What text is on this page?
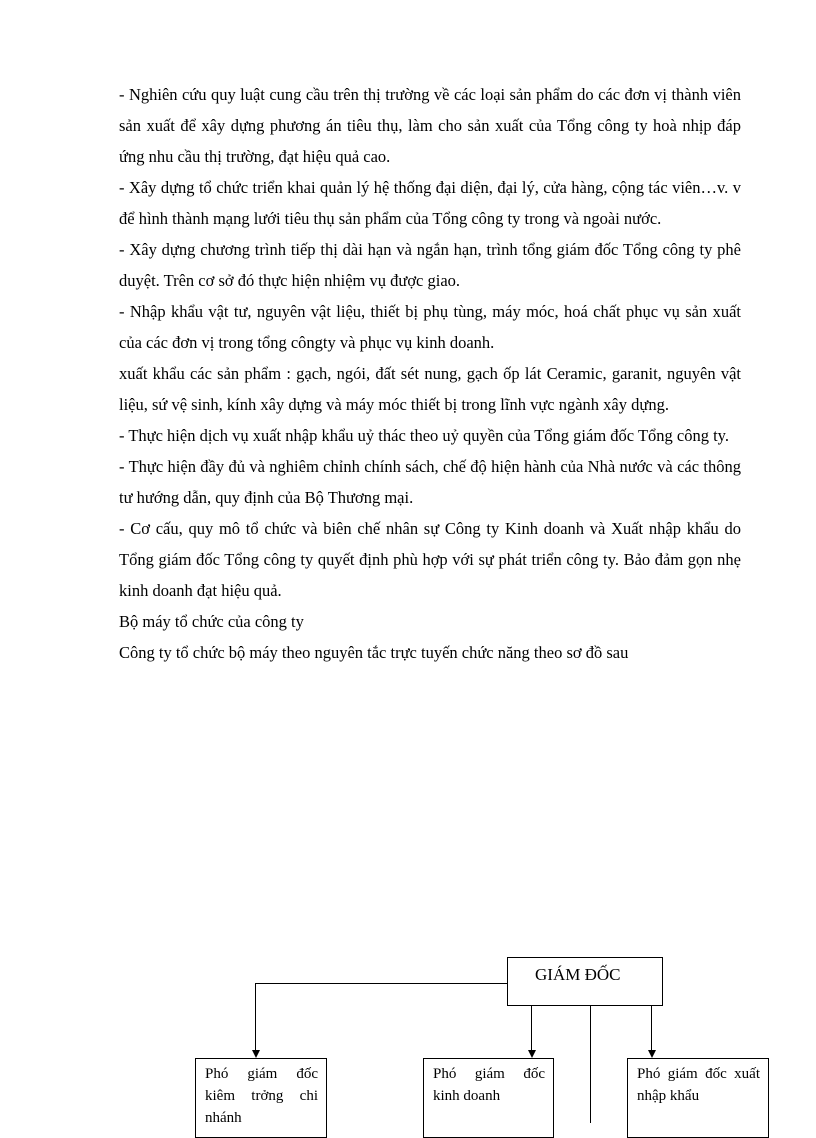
- Nghiên cứu quy luật cung cầu trên thị trường về các loại sản phẩm do các đơn vị thành viên sản xuất để xây dựng phương án tiêu thụ, làm cho sản xuất của Tổng công ty hoà nhịp đáp ứng nhu cầu thị trường, đạt hiệu quả cao.

- Xây dựng tổ chức triển khai quản lý hệ thống đại diện, đại lý, cửa hàng, cộng tác viên…v. v để hình thành mạng lưới tiêu thụ sản phẩm của Tổng công ty trong và ngoài nước.

- Xây dựng chương trình tiếp thị dài hạn và ngắn hạn, trình tổng giám đốc Tổng công ty phê duyệt. Trên cơ sở đó thực hiện nhiệm vụ được giao.

- Nhập khẩu vật tư, nguyên vật liệu, thiết bị phụ tùng, máy móc, hoá chất phục vụ sản xuất của các đơn vị trong tổng côngty và phục vụ kinh doanh.

xuất khẩu các sản phẩm : gạch, ngói, đất sét nung, gạch ốp lát Ceramic, garanit, nguyên vật liệu, sứ vệ sinh, kính xây dựng và máy móc thiết bị trong lĩnh vực ngành xây dựng.

- Thực hiện dịch vụ xuất nhập khẩu uỷ thác theo uỷ quyền của Tổng giám đốc Tổng công ty.

- Thực hiện đầy đủ và nghiêm chỉnh chính sách, chế độ hiện hành của Nhà nước và các thông tư hướng dẫn, quy định của Bộ Thương mại.

- Cơ cấu, quy mô tổ chức và biên chế nhân sự Công ty Kinh doanh và Xuất nhập khẩu do Tổng giám đốc Tổng công ty quyết định phù hợp với sự phát triển công ty. Bảo đảm gọn nhẹ kinh doanh đạt hiệu quả.

Bộ máy tổ chức của công ty

Công ty tổ chức bộ máy theo nguyên tắc trực tuyến chức năng theo sơ đồ sau

GIÁM ĐỐC
Phó giám đốc kiêm trởng chi nhánh
Phó giám đốc kinh doanh
Phó giám đốc xuất nhập khẩu
